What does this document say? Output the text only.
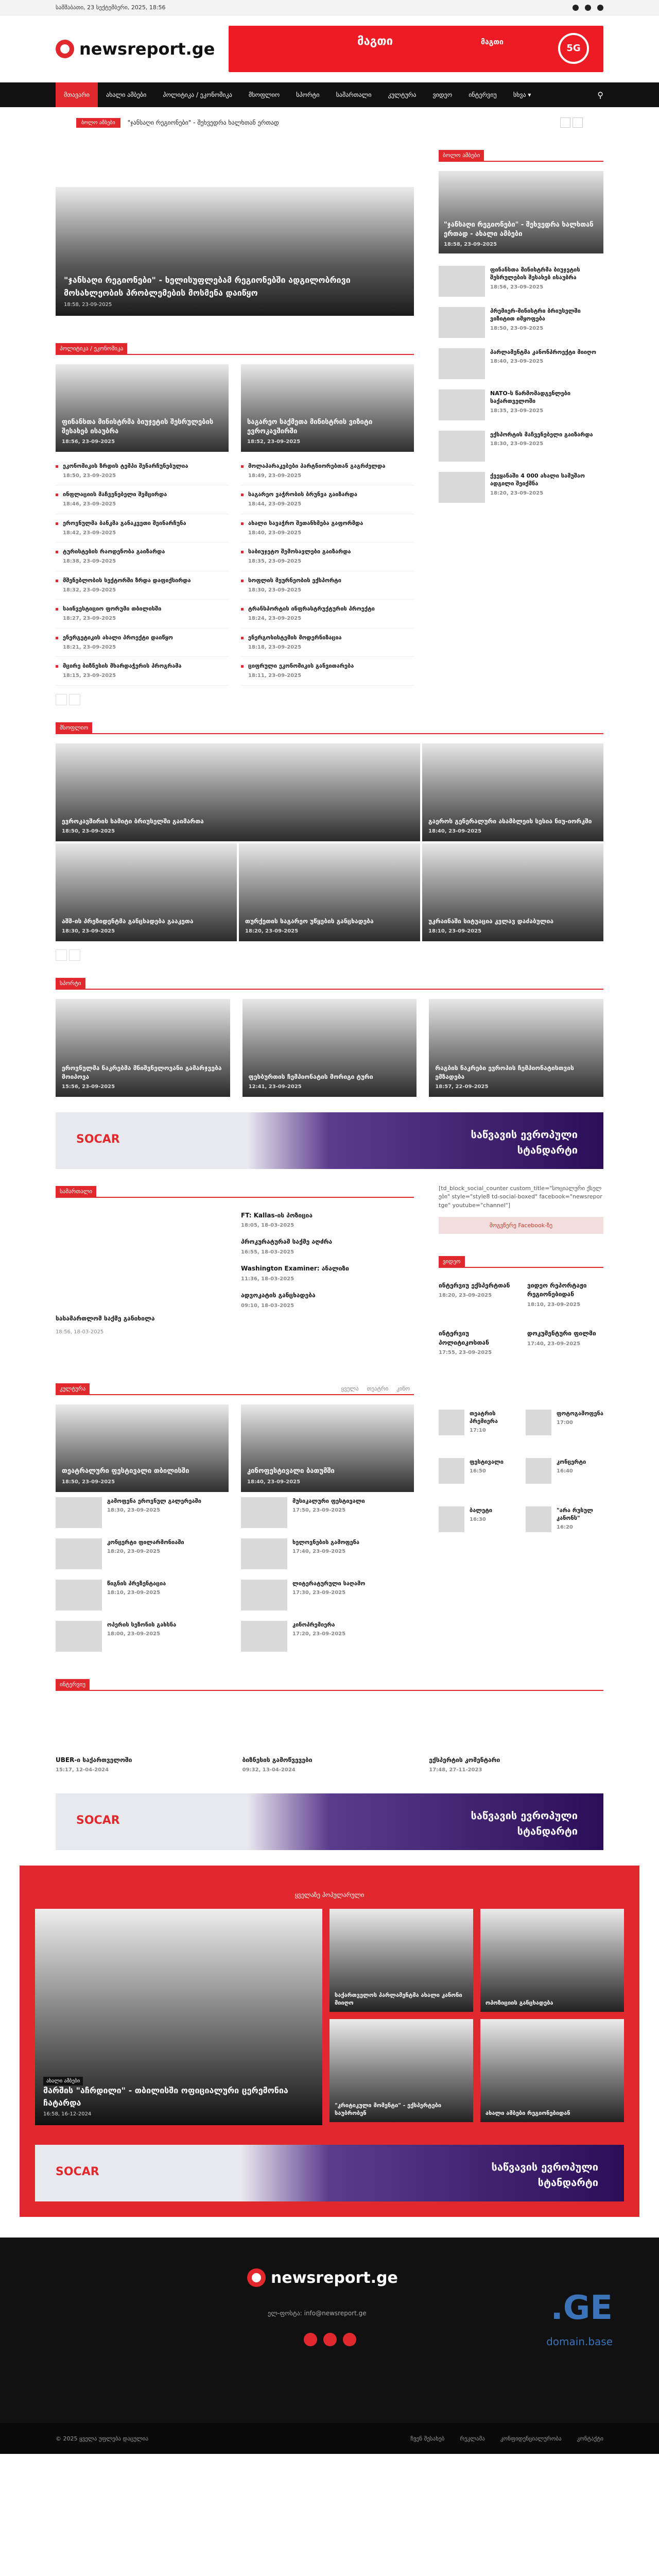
სამშაბათი, 23 სექტემბერი, 2025, 18:56
newsreport.ge	მაგთი	მაგთი
5G
მთავარი	ახალი ამბები	პოლიტიკა / ეკონომიკა	მსოფლიო	სპორტი	სამართალი	კულტურა	ვიდეო	ინტერვიუ	სხვა ▾	⚲
ბოლო ამბები	"ჯანსაღი რეგიონები" - შეხვედრა ხალხთან ერთად
"ჯანსაღი რეგიონები" - ხელისუფლებამ რეგიონებში ადგილობრივი მოსახლეობის პრობლემების მოსმენა დაიწყო
18:58, 23-09-2025
პოლიტიკა / ეკონომიკა
ფინანსთა მინისტრმა ბიუჯეტის შესრულების შესახებ ისაუბრა
18:56, 23-09-2025
ეკონომიკის ზრდის ტემპი შენარჩუნებულია
18:50, 23-09-2025
ინფლაციის მაჩვენებელი შემცირდა
18:46, 23-09-2025
ეროვნულმა ბანკმა განაკვეთი შეინარჩუნა
18:42, 23-09-2025
ტურისტების რაოდენობა გაიზარდა
18:38, 23-09-2025
მშენებლობის სექტორში ზრდა დაფიქსირდა
18:32, 23-09-2025
საინვესტიციო ფორუმი თბილისში
18:27, 23-09-2025
ენერგეტიკის ახალი პროექტი დაიწყო
18:21, 23-09-2025
მცირე ბიზნესის მხარდაჭერის პროგრამა
18:15, 23-09-2025
საგარეო საქმეთა მინისტრის ვიზიტი ევროკავშირში
18:52, 23-09-2025
მოლაპარაკებები პარტნიორებთან გაგრძელდა
18:49, 23-09-2025
საგარეო ვაჭრობის ბრუნვა გაიზარდა
18:44, 23-09-2025
ახალი სავაჭრო შეთანხმება გაფორმდა
18:40, 23-09-2025
საბიუჯეტო შემოსავლები გაიზარდა
18:35, 23-09-2025
სოფლის მეურნეობის ექსპორტი
18:30, 23-09-2025
ტრანსპორტის ინფრასტრუქტურის პროექტი
18:24, 23-09-2025
ენერგოსისტემის მოდერნიზაცია
18:18, 23-09-2025
ციფრული ეკონომიკის განვითარება
18:11, 23-09-2025
ბოლო ამბები
"ჯანსაღი რეგიონები" - შეხვედრა ხალხთან ერთად - ახალი ამბები
18:58, 23-09-2025
ფინანსთა მინისტრმა ბიუჯეტის შესრულების შესახებ ისაუბრა
18:56, 23-09-2025
პრემიერ-მინისტრი ბრიუსელში ვიზიტით იმყოფება
18:50, 23-09-2025
პარლამენტმა კანონპროექტი მიიღო
18:40, 23-09-2025
NATO-ს წარმომადგენლები საქართველოში
18:35, 23-09-2025
ექსპორტის მაჩვენებელი გაიზარდა
18:30, 23-09-2025
ქვეყანაში 4 000 ახალი სამუშაო ადგილი შეიქმნა
18:20, 23-09-2025
მსოფლიო
ევროკავშირის სამიტი ბრიუსელში გაიმართა
18:50, 23-09-2025
გაეროს გენერალური ასამბლეის სესია ნიუ-იორკში
18:40, 23-09-2025
აშშ-ის პრეზიდენტმა განცხადება გააკეთა
18:30, 23-09-2025
თურქეთის საგარეო უწყების განცხადება
18:20, 23-09-2025
უკრაინაში სიტუაცია კვლავ დაძაბულია
18:10, 23-09-2025
სპორტი
ეროვნულმა ნაკრებმა მნიშვნელოვანი გამარჯვება მოიპოვა
15:56, 23-09-2025
ფეხბურთის ჩემპიონატის მორიგი ტური
12:41, 23-09-2025
რაგბის ნაკრები ევროპის ჩემპიონატისთვის ემზადება
18:57, 22-09-2025
SOCAR	საწვავის ევროპული
სტანდარტი
სამართალი
სასამართლომ საქმე განიხილა
18:56, 18-03-2025
FT: Kallas-ის პოზიცია
18:05, 18-03-2025
პროკურატურამ საქმე აღძრა
16:55, 18-03-2025
Washington Examiner: ანალიზი
11:36, 18-03-2025
ადვოკატის განცხადება
09:10, 18-03-2025
[td_block_social_counter custom_title="სოციალური ქსელები" style="style8 td-social-boxed" facebook="newsreportge" youtube="channel"]
მოგვწერე Facebook-ზე
ვიდეო
ინტერვიუ ექსპერტთან
18:20, 23-09-2025
ვიდეო რეპორტაჟი რეგიონებიდან
18:10, 23-09-2025
ინტერვიუ პოლიტიკოსთან
17:55, 23-09-2025
დოკუმენტური ფილმი
17:40, 23-09-2025
კულტურა	ყველა	თეატრი	კინო
თეატრალური ფესტივალი თბილისში
18:50, 23-09-2025
გამოფენა ეროვნულ გალერეაში
18:30, 23-09-2025
კონცერტი ფილარმონიაში
18:20, 23-09-2025
წიგნის პრეზენტაცია
18:10, 23-09-2025
ოპერის სეზონის გახსნა
18:00, 23-09-2025
კინოფესტივალი ბათუმში
18:40, 23-09-2025
მუსიკალური ფესტივალი
17:50, 23-09-2025
ხელოვნების გამოფენა
17:40, 23-09-2025
ლიტერატურული საღამო
17:30, 23-09-2025
კინოპრემიერა
17:20, 23-09-2025
თეატრის პრემიერა
17:10
ფოტოგამოფენა
17:00
ფესტივალი
16:50
კონცერტი
16:40
ბალეტი
16:30
"არა რუსულ კანონს"
16:20
ინტერვიუ
UBER-ი საქართველოში
15:17, 12-04-2024
ბიზნესის გამოწვევები
09:32, 13-04-2024
ექსპერტის კომენტარი
17:48, 27-11-2023
SOCAR	საწვავის ევროპული
სტანდარტი
ყველაზე პოპულარული
ახალი ამბები
მარშის "აჩრდილი" - თბილისში ოფიციალური ცერემონია ჩატარდა
16:58, 16-12-2024
საქართველოს პარლამენტმა ახალი კანონი მიიღო
"კრიტიკული მომენტი" - ექსპერტები საუბრობენ
ოპოზიციის განცხადება
ახალი ამბები რეგიონებიდან
SOCAR	საწვავის ევროპული
სტანდარტი
newsreport.ge
ელ-ფოსტა: info@newsreport.ge	.GE
domain.base
© 2025 ყველა უფლება დაცულია	ჩვენ შესახებ	რეკლამა	კონფიდენციალურობა	კონტაქტი
